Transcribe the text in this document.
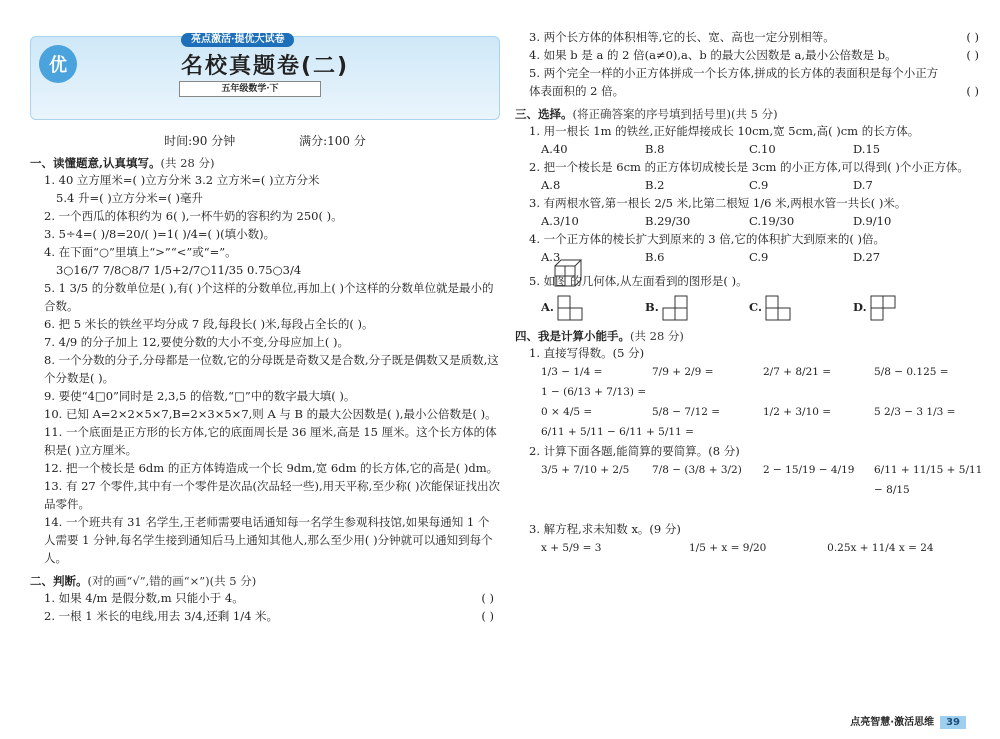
优
亮点激活·提优大试卷
名校真题卷(二)
五年级数学·下
时间:90 分钟	满分:100 分
一、读懂题意,认真填写。(共 28 分)
1. 40 立方厘米=( )立方分米 3.2 立方米=( )立方分米
5.4 升=( )立方分米=( )毫升
2. 一个西瓜的体积约为 6( ),一杯牛奶的容积约为 250( )。
3. 5÷4=( )/8=20/( )=1( )/4=( )(填小数)。
4. 在下面“○”里填上“>”“<”或“=”。
3○16/7 7/8○8/7 1/5+2/7○11/35 0.75○3/4
5. 1 3/5 的分数单位是( ),有( )个这样的分数单位,再加上( )个这样的分数单位就是最小的合数。
6. 把 5 米长的铁丝平均分成 7 段,每段长( )米,每段占全长的( )。
7. 4/9 的分子加上 12,要使分数的大小不变,分母应加上( )。
8. 一个分数的分子,分母都是一位数,它的分母既是奇数又是合数,分子既是偶数又是质数,这个分数是( )。
9. 要使“4□0”同时是 2,3,5 的倍数,“□”中的数字最大填( )。
10. 已知 A=2×2×5×7,B=2×3×5×7,则 A 与 B 的最大公因数是( ),最小公倍数是( )。
11. 一个底面是正方形的长方体,它的底面周长是 36 厘米,高是 15 厘米。这个长方体的体积是( )立方厘米。
12. 把一个棱长是 6dm 的正方体铸造成一个长 9dm,宽 6dm 的长方体,它的高是( )dm。
13. 有 27 个零件,其中有一个零件是次品(次品轻一些),用天平称,至少称( )次能保证找出次品零件。
14. 一个班共有 31 名学生,王老师需要电话通知每一名学生参观科技馆,如果每通知 1 个人需要 1 分钟,每名学生接到通知后马上通知其他人,那么至少用( )分钟就可以通知到每个人。
二、判断。(对的画“√”,错的画“×”)(共 5 分)
1. 如果 4/m 是假分数,m 只能小于 4。	( )
2. 一根 1 米长的电线,用去 3/4,还剩 1/4 米。	( )
3. 两个长方体的体积相等,它的长、宽、高也一定分别相等。	( )
4. 如果 b 是 a 的 2 倍(a≠0),a、b 的最大公因数是 a,最小公倍数是 b。	( )
5. 两个完全一样的小正方体拼成一个长方体,拼成的长方体的表面积是每个小正方体表面积的 2 倍。	( )
三、选择。(将正确答案的序号填到括号里)(共 5 分)
1. 用一根长 1m 的铁丝,正好能焊接成长 10cm,宽 5cm,高( )cm 的长方体。
A.40	B.8	C.10	D.15
2. 把一个棱长是 6cm 的正方体切成棱长是 3cm 的小正方体,可以得到( )个小正方体。
A.8	B.2	C.9	D.7
3. 有两根水管,第一根长 2/5 米,比第二根短 1/6 米,两根水管一共长( )米。
A.3/10	B.29/30	C.19/30	D.9/10
4. 一个正方体的棱长扩大到原来的 3 倍,它的体积扩大到原来的( )倍。
A.3	B.6	C.9	D.27
5. 如图 的几何体,从左面看到的图形是( )。
A.	B.	C.	D.
四、我是计算小能手。(共 28 分)
1. 直接写得数。(5 分)
1/3 − 1/4 =	7/9 + 2/9 =	2/7 + 8/21 =	5/8 − 0.125 =
1 − (6/13 + 7/13) =
0 × 4/5 =	5/8 − 7/12 =	1/2 + 3/10 =	5 2/3 − 3 1/3 =
6/11 + 5/11 − 6/11 + 5/11 =
2. 计算下面各题,能简算的要简算。(8 分)
3/5 + 7/10 + 2/5	7/8 − (3/8 + 3/2)	2 − 15/19 − 4/19	6/11 + 11/15 + 5/11 − 8/15
3. 解方程,求未知数 x。(9 分)
x + 5/9 = 3	1/5 + x = 9/20	0.25x + 11/4 x = 24
点亮智慧·激活思维 39
